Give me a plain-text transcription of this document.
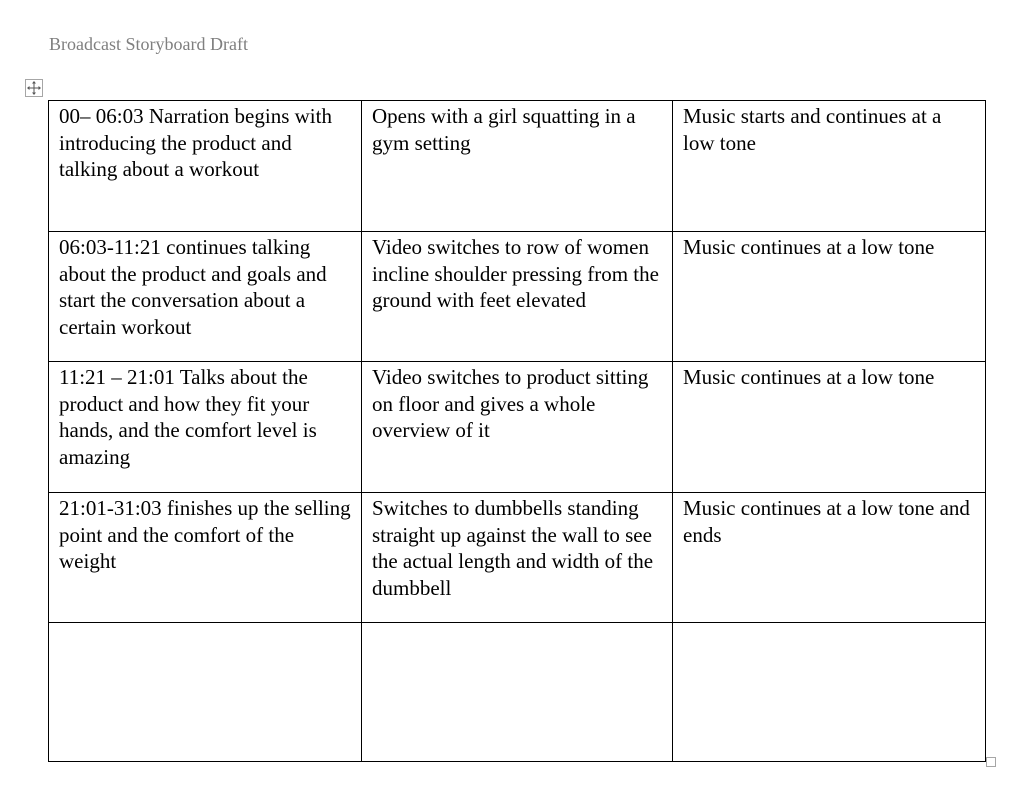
Broadcast Storyboard Draft
00– 06:03 Narration begins with introducing the product and talking about a workout	Opens with a girl squatting in a gym setting	Music starts and continues at a low tone
06:03-11:21 continues talking about the product and goals and start the conversation about a certain workout	Video switches to row of women incline shoulder pressing from the ground with feet elevated	Music continues at a low tone
11:21 – 21:01 Talks about the product and how they fit your hands, and the comfort level is amazing	Video switches to product sitting on floor and gives a whole overview of it	Music continues at a low tone
21:01-31:03 finishes up the selling point and the comfort of the weight	Switches to dumbbells standing straight up against the wall to see the actual length and width of the dumbbell	Music continues at a low tone and ends
